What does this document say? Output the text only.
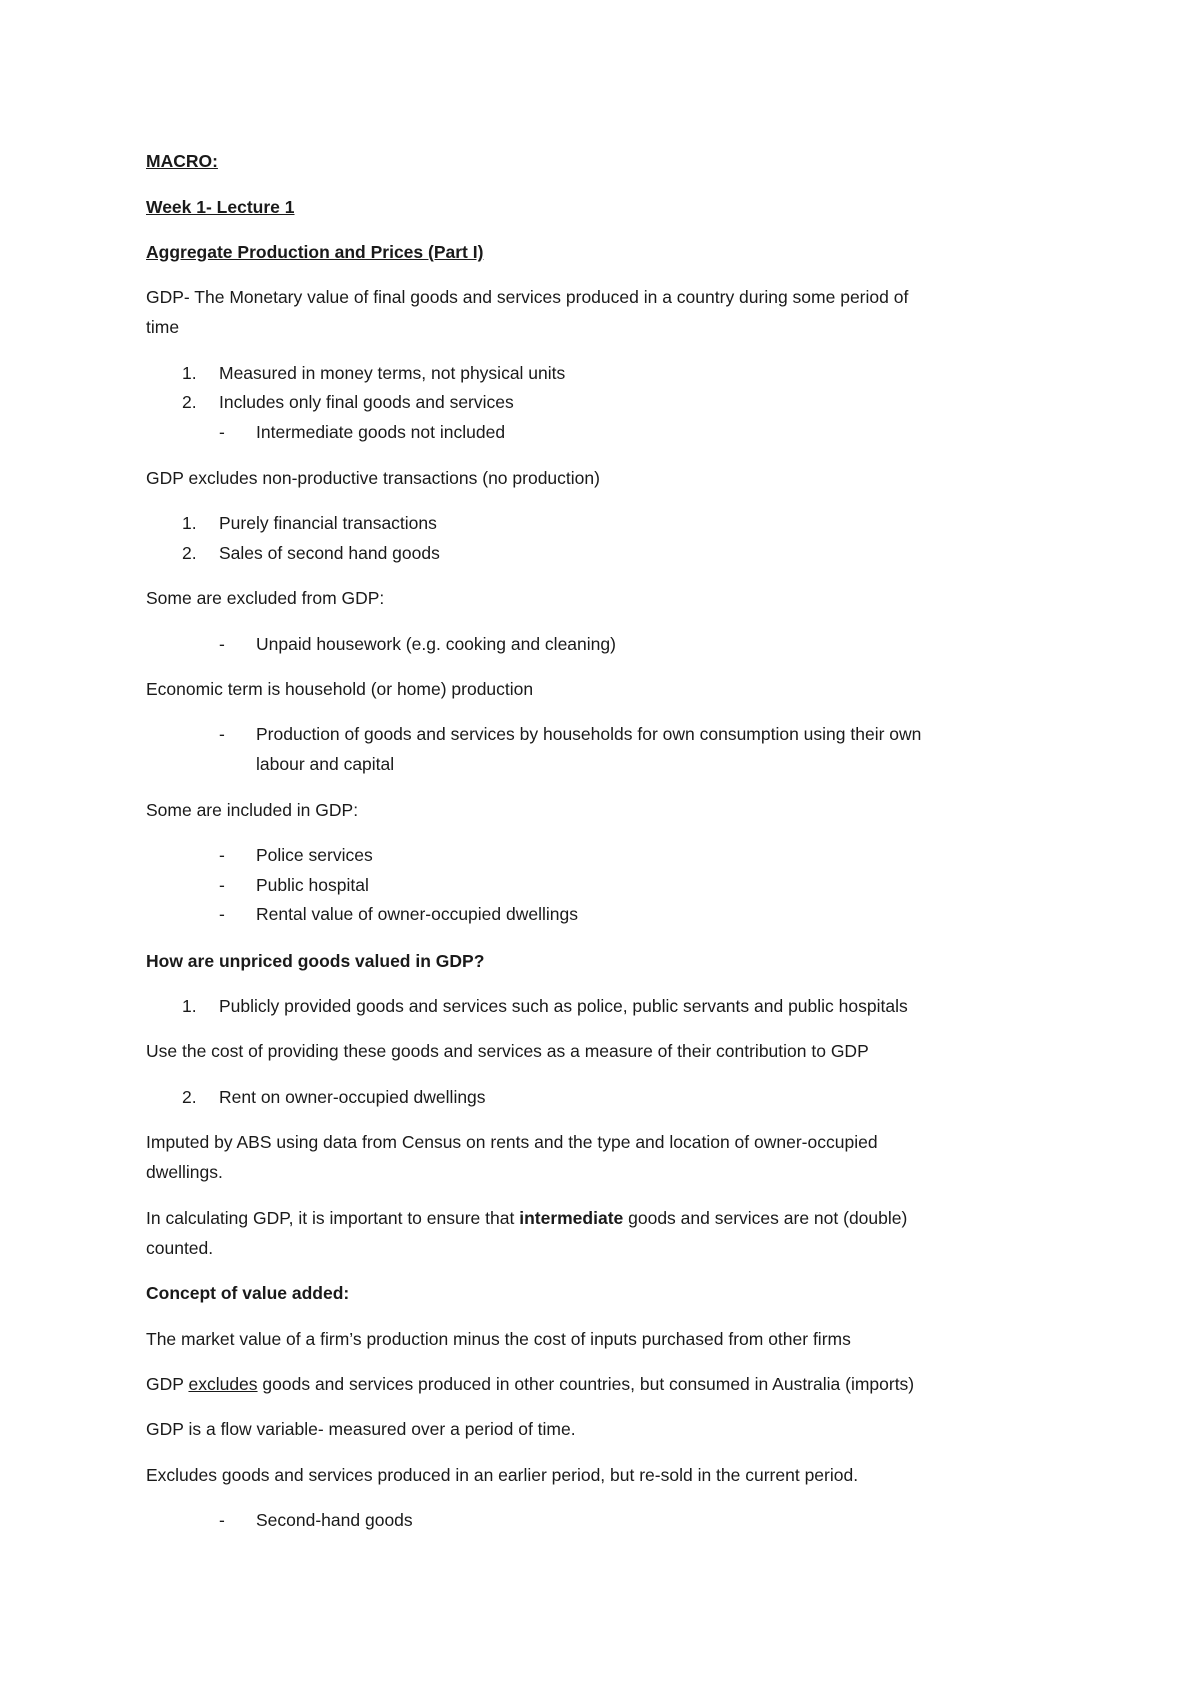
MACRO:
Week 1- Lecture 1
Aggregate Production and Prices (Part I)
GDP- The Monetary value of final goods and services produced in a country during some period of
time
1. Measured in money terms, not physical units
2. Includes only final goods and services
- Intermediate goods not included
GDP excludes non-productive transactions (no production)
1. Purely financial transactions
2. Sales of second hand goods
Some are excluded from GDP:
- Unpaid housework (e.g. cooking and cleaning)
Economic term is household (or home) production
- Production of goods and services by households for own consumption using their own
labour and capital
Some are included in GDP:
- Police services
- Public hospital
- Rental value of owner-occupied dwellings
How are unpriced goods valued in GDP?
1. Publicly provided goods and services such as police, public servants and public hospitals
Use the cost of providing these goods and services as a measure of their contribution to GDP
2. Rent on owner-occupied dwellings
Imputed by ABS using data from Census on rents and the type and location of owner-occupied
dwellings.
In calculating GDP, it is important to ensure that intermediate goods and services are not (double)
counted.
Concept of value added:
The market value of a firm’s production minus the cost of inputs purchased from other firms
GDP excludes goods and services produced in other countries, but consumed in Australia (imports)
GDP is a flow variable- measured over a period of time.
Excludes goods and services produced in an earlier period, but re-sold in the current period.
- Second-hand goods
